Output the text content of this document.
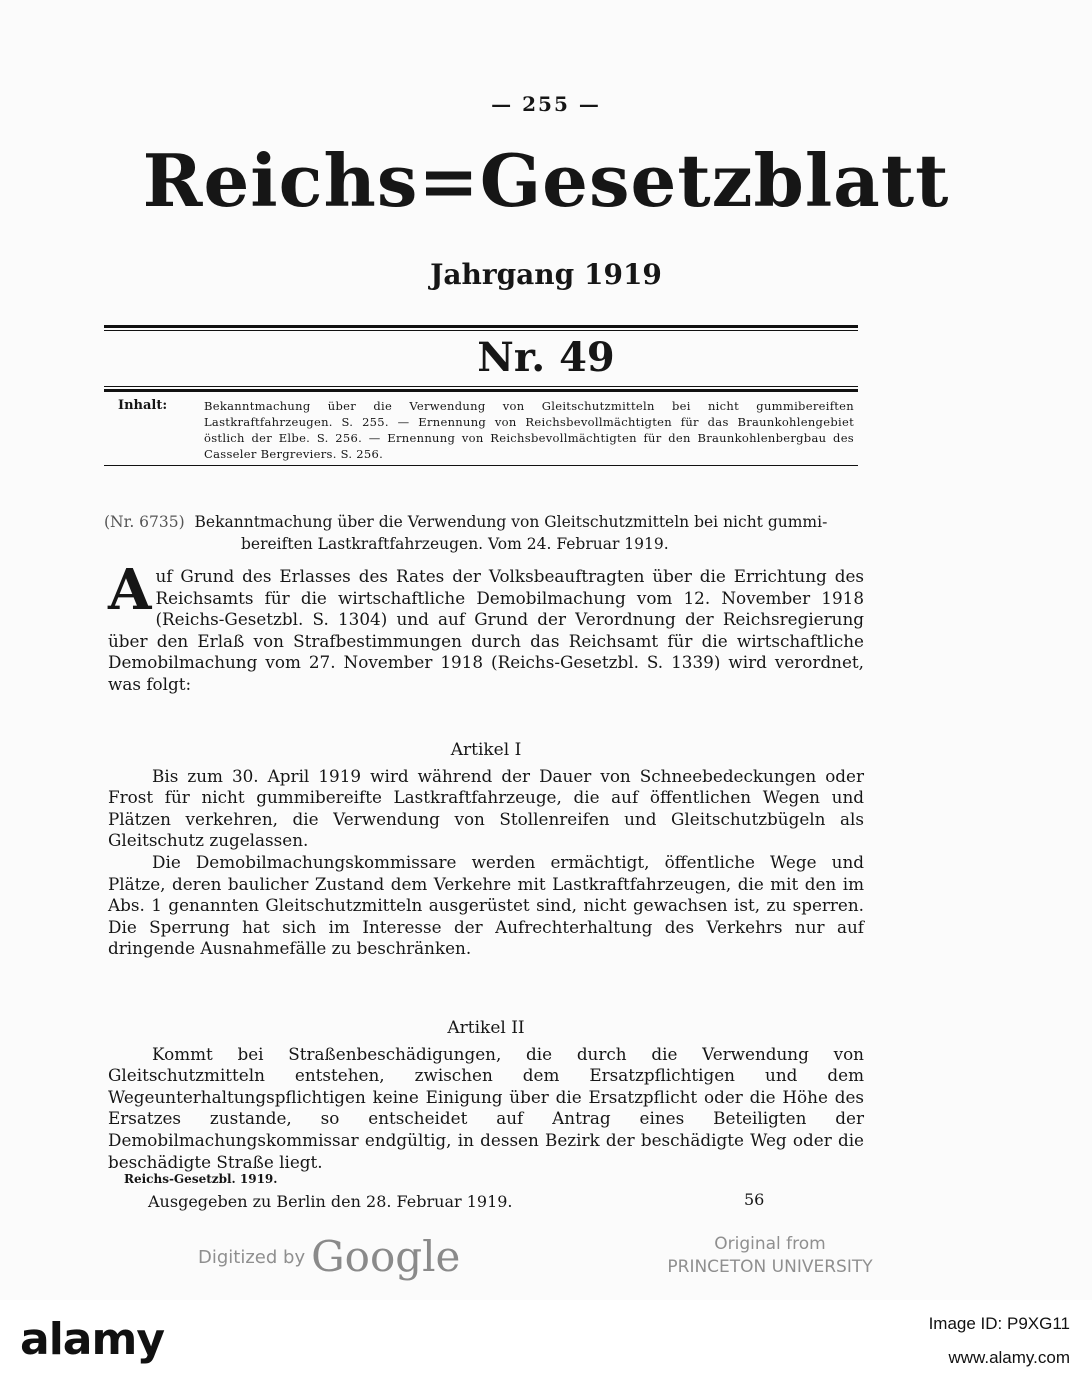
— 255 —
Reichs=Gesetzblatt
Jahrgang 1919
Nr. 49
Inhalt:	Bekanntmachung über die Verwendung von Gleitschutzmitteln bei nicht gummibereiften Lastkraftfahrzeugen. S. 255. — Ernennung von Reichsbevollmächtigten für das Braunkohlengebiet östlich der Elbe. S. 256. — Ernennung von Reichsbevollmächtigten für den Braunkohlenbergbau des Casseler Bergreviers. S. 256.
(Nr. 6735) Bekanntmachung über die Verwendung von Gleitschutzmitteln bei nicht gummi-
bereiften Lastkraftfahrzeugen. Vom 24. Februar 1919.
A uf Grund des Erlasses des Rates der Volksbeauftragten über die Errichtung des Reichsamts für die wirtschaftliche Demobilmachung vom 12. November 1918 (Reichs-Gesetzbl. S. 1304) und auf Grund der Verordnung der Reichsregierung über den Erlaß von Strafbestimmungen durch das Reichsamt für die wirtschaftliche Demobilmachung vom 27. November 1918 (Reichs-Gesetzbl. S. 1339) wird verordnet, was folgt:

Artikel I

Bis zum 30. April 1919 wird während der Dauer von Schneebedeckungen oder Frost für nicht gummibereifte Lastkraftfahrzeuge, die auf öffentlichen Wegen und Plätzen verkehren, die Verwendung von Stollenreifen und Gleitschutzbügeln als Gleitschutz zugelassen.

Die Demobilmachungskommissare werden ermächtigt, öffentliche Wege und Plätze, deren baulicher Zustand dem Verkehre mit Lastkraftfahrzeugen, die mit den im Abs. 1 genannten Gleitschutzmitteln ausgerüstet sind, nicht gewachsen ist, zu sperren. Die Sperrung hat sich im Interesse der Aufrechterhaltung des Verkehrs nur auf dringende Ausnahmefälle zu beschränken.

Artikel II

Kommt bei Straßenbeschädigungen, die durch die Verwendung von Gleitschutzmitteln entstehen, zwischen dem Ersatzpflichtigen und dem Wegeunterhaltungspflichtigen keine Einigung über die Ersatzpflicht oder die Höhe des Ersatzes zustande, so entscheidet auf Antrag eines Beteiligten der Demobilmachungskommissar endgültig, in dessen Bezirk der beschädigte Weg oder die beschädigte Straße liegt.

Reichs-Gesetzbl. 1919.
Ausgegeben zu Berlin den 28. Februar 1919.	56
Digitized by Google	Original from
PRINCETON UNIVERSITY
alamy	Image ID: P9XG11
www.alamy.com
